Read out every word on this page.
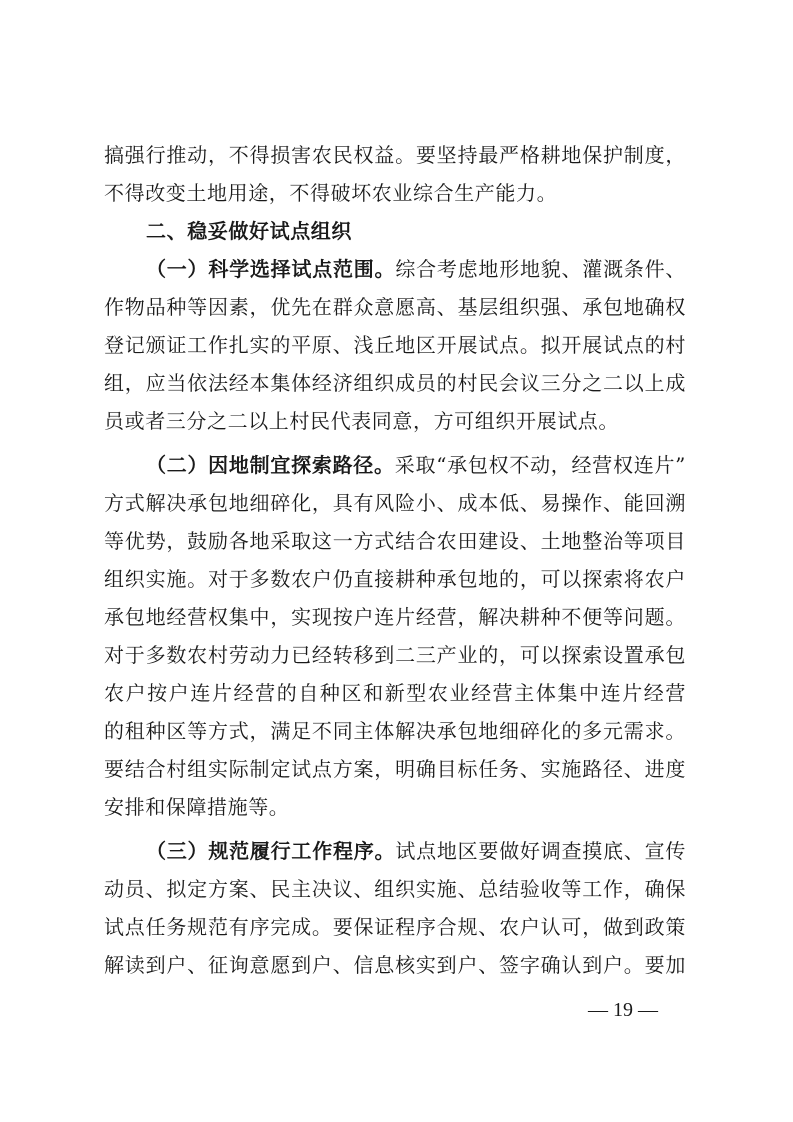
搞强行推动，不得损害农民权益。要坚持最严格耕地保护制度，
不得改变土地用途，不得破坏农业综合生产能力。
二、稳妥做好试点组织
（一）科学选择试点范围。综合考虑地形地貌、灌溉条件、
作物品种等因素，优先在群众意愿高、基层组织强、承包地确权
登记颁证工作扎实的平原、浅丘地区开展试点。拟开展试点的村
组，应当依法经本集体经济组织成员的村民会议三分之二以上成
员或者三分之二以上村民代表同意，方可组织开展试点。
（二）因地制宜探索路径。采取“承包权不动，经营权连片”
方式解决承包地细碎化，具有风险小、成本低、易操作、能回溯
等优势，鼓励各地采取这一方式结合农田建设、土地整治等项目
组织实施。对于多数农户仍直接耕种承包地的，可以探索将农户
承包地经营权集中，实现按户连片经营，解决耕种不便等问题。
对于多数农村劳动力已经转移到二三产业的，可以探索设置承包
农户按户连片经营的自种区和新型农业经营主体集中连片经营
的租种区等方式，满足不同主体解决承包地细碎化的多元需求。
要结合村组实际制定试点方案，明确目标任务、实施路径、进度
安排和保障措施等。
（三）规范履行工作程序。试点地区要做好调查摸底、宣传
动员、拟定方案、民主决议、组织实施、总结验收等工作，确保
试点任务规范有序完成。要保证程序合规、农户认可，做到政策
解读到户、征询意愿到户、信息核实到户、签字确认到户。要加
— 19 —
